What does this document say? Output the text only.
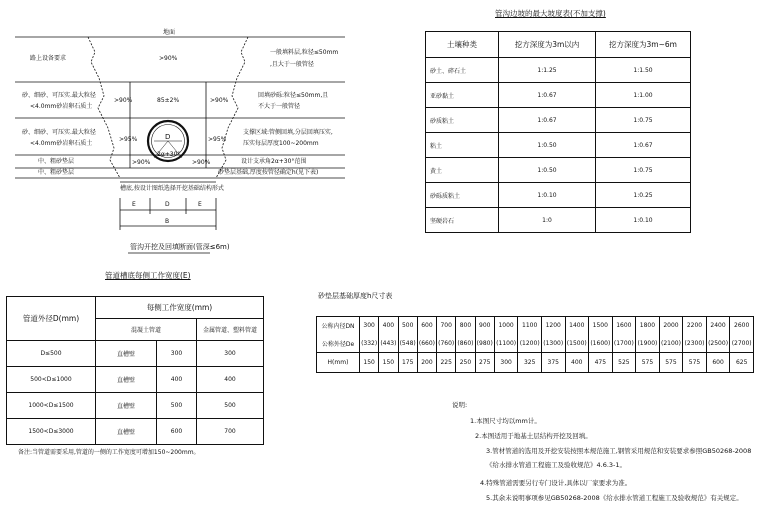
地面
路上设备要求	>90%
一般填料层,粒径≤50mm
,且大于一般管径
砂、细砂、可压实.最大粒径
<4.0mm砂岩卵石质土
>90%	85±2%	>90%
回填砂砾:粒径≤50mm,且
不大于一般管径
砂、细砂、可压实.最大粒径
<4.0mm砂岩卵石质土
>95%	>95%
支撑区域:管侧回填,分层回填压实,
压实每层厚度100~200mm
D
2α+30°
中、粗砂垫层	>90%	>90%	设计支承角2α+30°范围
中、粗砂垫层	砂垫层基础,厚度按管径确定h(见下表)
槽底,按设计图纸选择开挖基础结构形式
E	D	E
B
管沟开挖及回填断面(管深≤6m)
管沟边坡的最大坡度表(不加支撑)
土壤种类	挖方深度为3m以内	挖方深度为3m~6m
砂土、碎石土	1:1.25	1:1.50
亚砂黏土	1:0.67	1:1.00
砂质粘土	1:0.67	1:0.75
粘土	1:0.50	1:0.67
黄土	1:0.50	1:0.75
砂砾质粘土	1:0.10	1:0.25
坚硬岩石	1:0	1:0.10
管道槽底每侧工作宽度(E)
管道外径D(mm)	每侧工作宽度(mm)		
	混凝土管道		金属管道、塑料管道
D≤500	直槽壁	300	300
500<D≤1000	直槽壁	400	400
1000<D≤1500	直槽壁	500	500
1500<D≤3000	直槽壁	600	700
备注:当管道需要采用,管道的一侧的工作宽度可增加150~200mm。
砂垫层基础厚度h尺寸表
公称内径DN	300	400	500	600	700	800	900	1000	1100	1200	1400	1500	1600	1800	2000	2200	2400	2600
公称外径De	(332)	(443)	(548)	(660)	(760)	(860)	(980)	(1100)	(1200)	(1300)	(1500)	(1600)	(1700)	(1900)	(2100)	(2300)	(2500)	(2700)
H(mm)	150	150	175	200	225	250	275	300	325	375	400	475	525	575	575	575	600	625
说明:
1.本图尺寸均以mm计。
2.本图适用于地基土层结构开挖及回填。
3.管材管道的选用及开挖安装按照本规范施工,钢管采用规范和安装要求参照GB50268-2008
《给水排水管道工程施工及验收规范》4.6.3-1。
4.特殊管道需要另行专门设计,具体以厂家要求为准。
5.其余未说明事项参见GB50268-2008《给水排水管道工程施工及验收规范》有关规定。
